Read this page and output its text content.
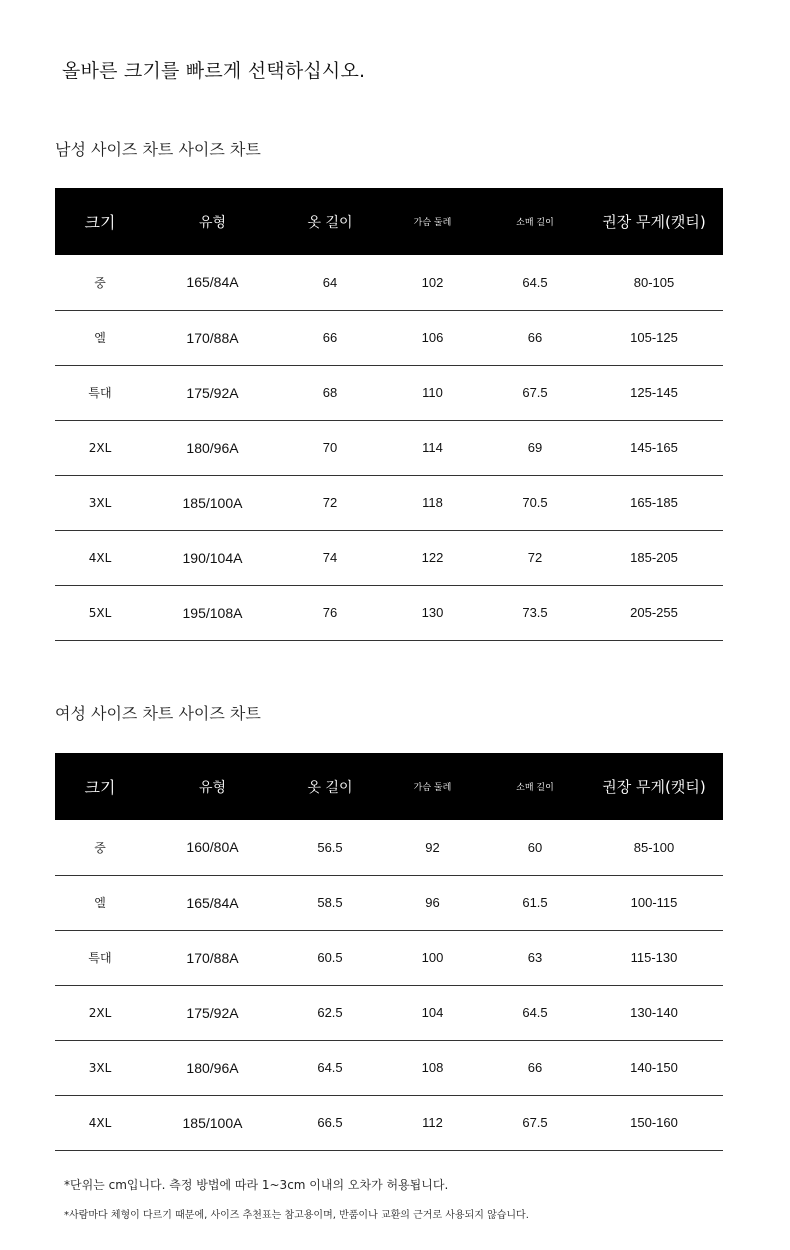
올바른 크기를 빠르게 선택하십시오.
남성 사이즈 차트 사이즈 차트
크기	유형	옷 길이	가슴 둘레	소매 길이	권장 무게(캣티)
중	165/84A	64	102	64.5	80-105
엘	170/88A	66	106	66	105-125
특대	175/92A	68	110	67.5	125-145
2XL	180/96A	70	114	69	145-165
3XL	185/100A	72	118	70.5	165-185
4XL	190/104A	74	122	72	185-205
5XL	195/108A	76	130	73.5	205-255
여성 사이즈 차트 사이즈 차트
크기	유형	옷 길이	가슴 둘레	소매 길이	권장 무게(캣티)
중	160/80A	56.5	92	60	85-100
엘	165/84A	58.5	96	61.5	100-115
특대	170/88A	60.5	100	63	115-130
2XL	175/92A	62.5	104	64.5	130-140
3XL	180/96A	64.5	108	66	140-150
4XL	185/100A	66.5	112	67.5	150-160
*단위는 cm입니다. 측정 방법에 따라 1~3cm 이내의 오차가 허용됩니다.
*사람마다 체형이 다르기 때문에, 사이즈 추천표는 참고용이며, 반품이나 교환의 근거로 사용되지 않습니다.
